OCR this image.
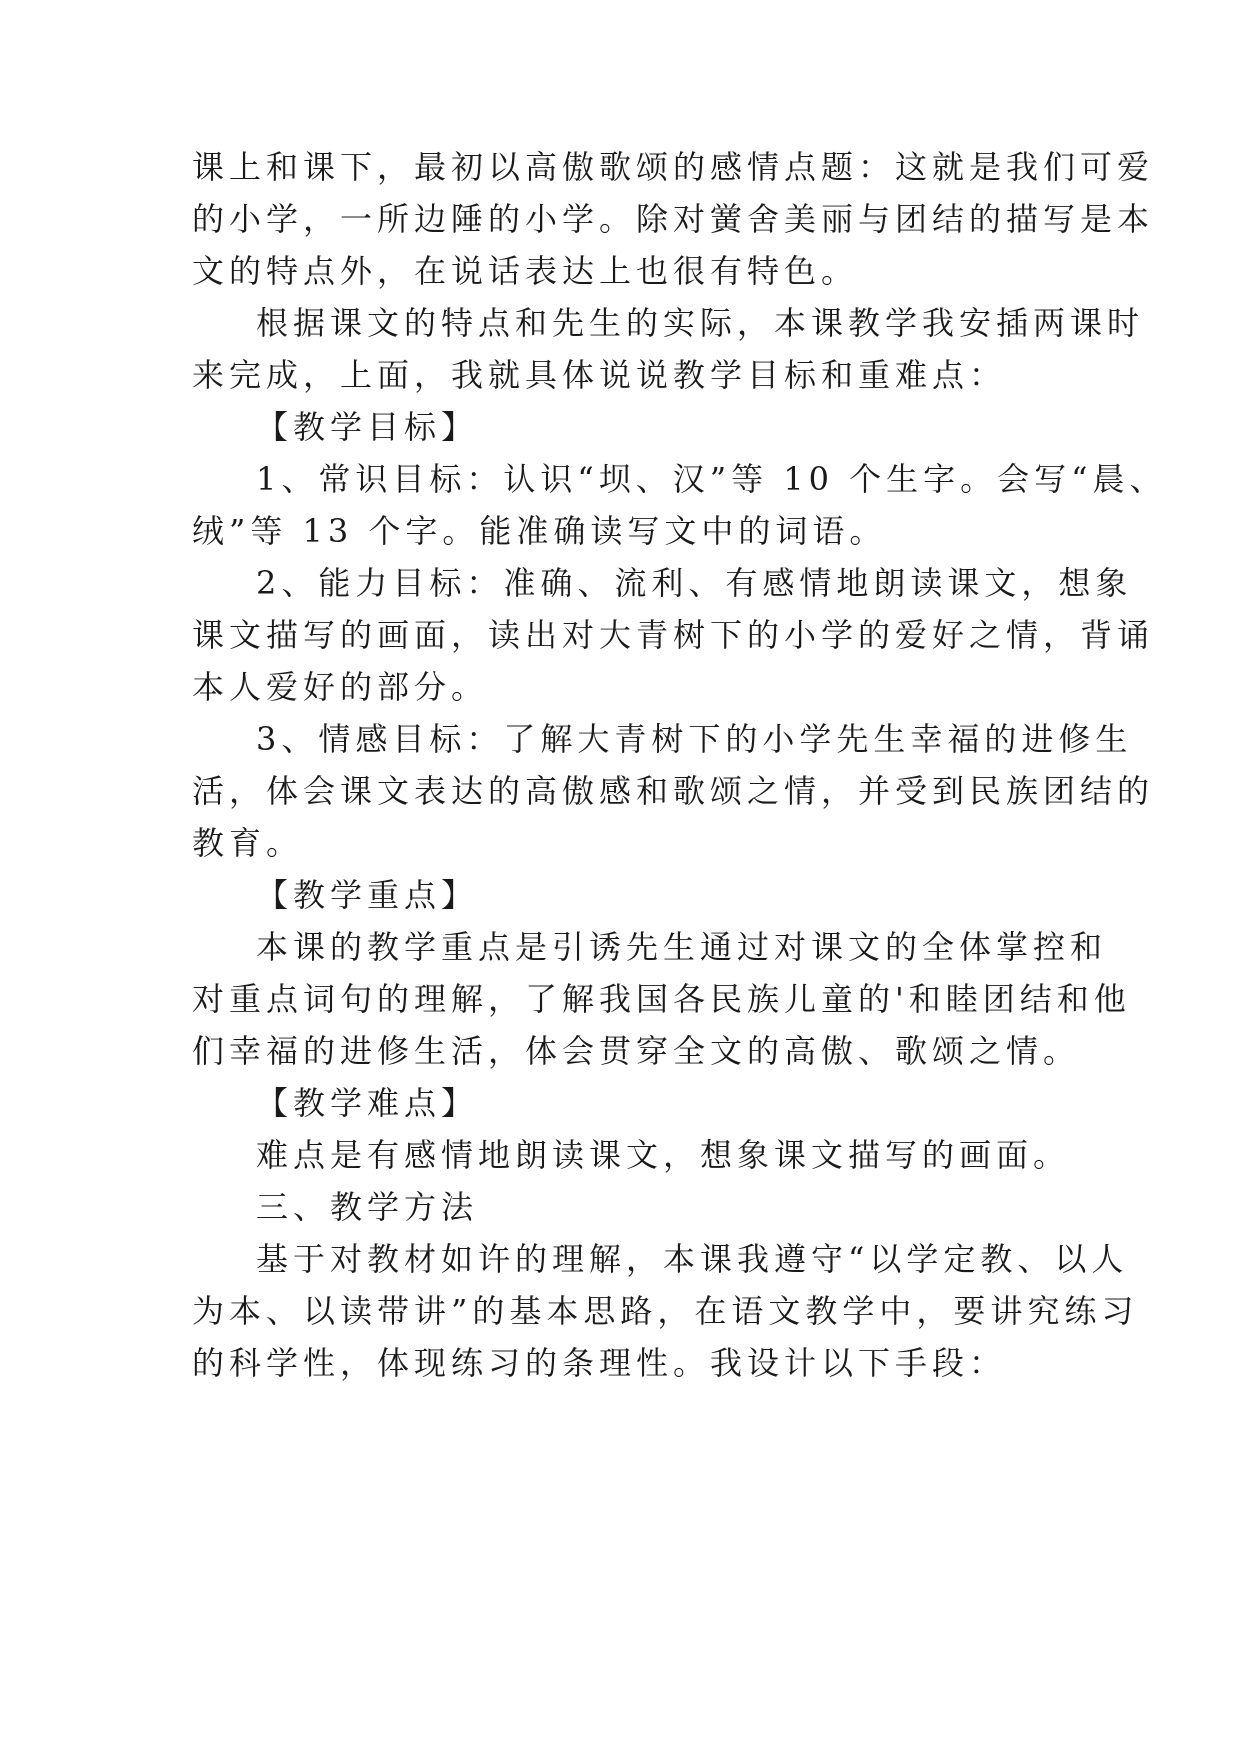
课上和课下，最初以高傲歌颂的感情点题：这就是我们可爱
的小学，一所边陲的小学。除对黉舍美丽与团结的描写是本
文的特点外，在说话表达上也很有特色。
根据课文的特点和先生的实际，本课教学我安插两课时
来完成，上面，我就具体说说教学目标和重难点：
【教学目标】
1、常识目标：认识“坝、汉”等 10 个生字。会写“晨、
绒”等 13 个字。能准确读写文中的词语。
2、能力目标：准确、流利、有感情地朗读课文，想象
课文描写的画面，读出对大青树下的小学的爱好之情，背诵
本人爱好的部分。
3、情感目标：了解大青树下的小学先生幸福的进修生
活，体会课文表达的高傲感和歌颂之情，并受到民族团结的
教育。
【教学重点】
本课的教学重点是引诱先生通过对课文的全体掌控和
对重点词句的理解，了解我国各民族儿童的'和睦团结和他
们幸福的进修生活，体会贯穿全文的高傲、歌颂之情。
【教学难点】
难点是有感情地朗读课文，想象课文描写的画面。
三、教学方法
基于对教材如许的理解，本课我遵守“以学定教、以人
为本、以读带讲”的基本思路，在语文教学中，要讲究练习
的科学性，体现练习的条理性。我设计以下手段：
